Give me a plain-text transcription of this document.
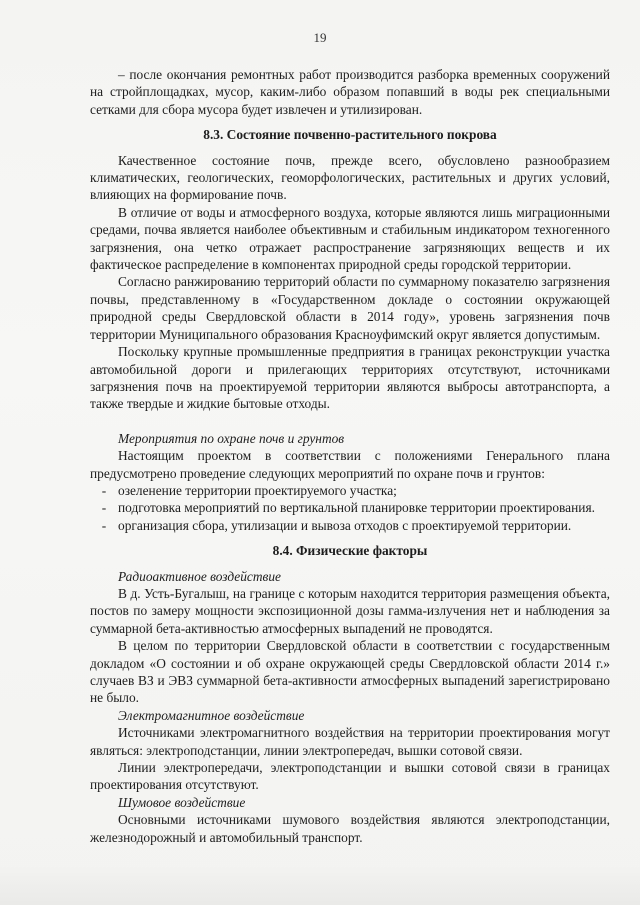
19

– после окончания ремонтных работ производится разборка временных сооружений на стройплощадках, мусор, каким-либо образом попавший в воды рек специальными сетками для сбора мусора будет извлечен и утилизирован.

8.3. Состояние почвенно-растительного покрова

Качественное состояние почв, прежде всего, обусловлено разнообразием климатических, геологических, геоморфологических, растительных и других условий, влияющих на формирование почв.

В отличие от воды и атмосферного воздуха, которые являются лишь миграционными средами, почва является наиболее объективным и стабильным индикатором техногенного загрязнения, она четко отражает распространение загрязняющих веществ и их фактическое распределение в компонентах природной среды городской территории.

Согласно ранжированию территорий области по суммарному показателю загрязнения почвы, представленному в «Государственном докладе о состоянии окружающей природной среды Свердловской области в 2014 году», уровень загрязнения почв территории Муниципального образования Красноуфимский округ является допустимым.

Поскольку крупные промышленные предприятия в границах реконструкции участка автомобильной дороги и прилегающих территориях отсутствуют, источниками загрязнения почв на проектируемой территории являются выбросы автотранспорта, а также твердые и жидкие бытовые отходы.

Мероприятия по охране почв и грунтов

Настоящим проектом в соответствии с положениями Генерального плана предусмотрено проведение следующих мероприятий по охране почв и грунтов:

- озеленение территории проектируемого участка;
- подготовка мероприятий по вертикальной планировке территории проектирования.
- организация сбора, утилизации и вывоза отходов с проектируемой территории.

8.4. Физические факторы

Радиоактивное воздействие

В д. Усть-Бугалыш, на границе с которым находится территория размещения объекта, постов по замеру мощности экспозиционной дозы гамма-излучения нет и наблюдения за суммарной бета-активностью атмосферных выпадений не проводятся.

В целом по территории Свердловской области в соответствии с государственным докладом «О состоянии и об охране окружающей среды Свердловской области 2014 г.» случаев ВЗ и ЭВЗ суммарной бета-активности атмосферных выпадений зарегистрировано не было.

Электромагнитное воздействие

Источниками электромагнитного воздействия на территории проектирования могут являться: электроподстанции, линии электропередач, вышки сотовой связи.

Линии электропередачи, электроподстанции и вышки сотовой связи в границах проектирования отсутствуют.

Шумовое воздействие

Основными источниками шумового воздействия являются электроподстанции, железнодорожный и автомобильный транспорт.
